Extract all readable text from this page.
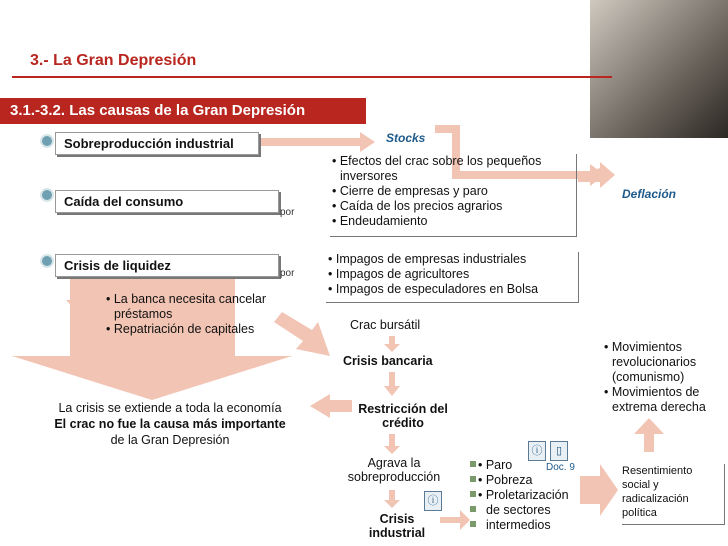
3.- La Gran Depresión
3.1.-3.2. Las causas de la Gran Depresión
Sobreproducción industrial
Caída del consumo
Crisis de liquidez
Stocks
Deflación
por
por
• Efectos del crac sobre los pequeños inversores
• Cierre de empresas y paro
• Caída de los precios agrarios
• Endeudamiento
• Impagos de empresas industriales
• Impagos de agricultores
• Impagos de especuladores en Bolsa
• La banca necesita cancelar préstamos
• Repatriación de capitales
• Movimientos revolucionarios (comunismo)
• Movimientos de extrema derecha
• Paro
• Pobreza
• Proletarización de sectores intermedios
Crac bursátil
Crisis bancaria
Restricción del crédito
Agrava la sobreproducción
Crisis industrial
Doc. 9
ⓘ	▯
ⓘ
Resentimiento social y radicalización política
La crisis se extiende a toda la economía
El crac no fue la causa más importante
de la Gran Depresión
